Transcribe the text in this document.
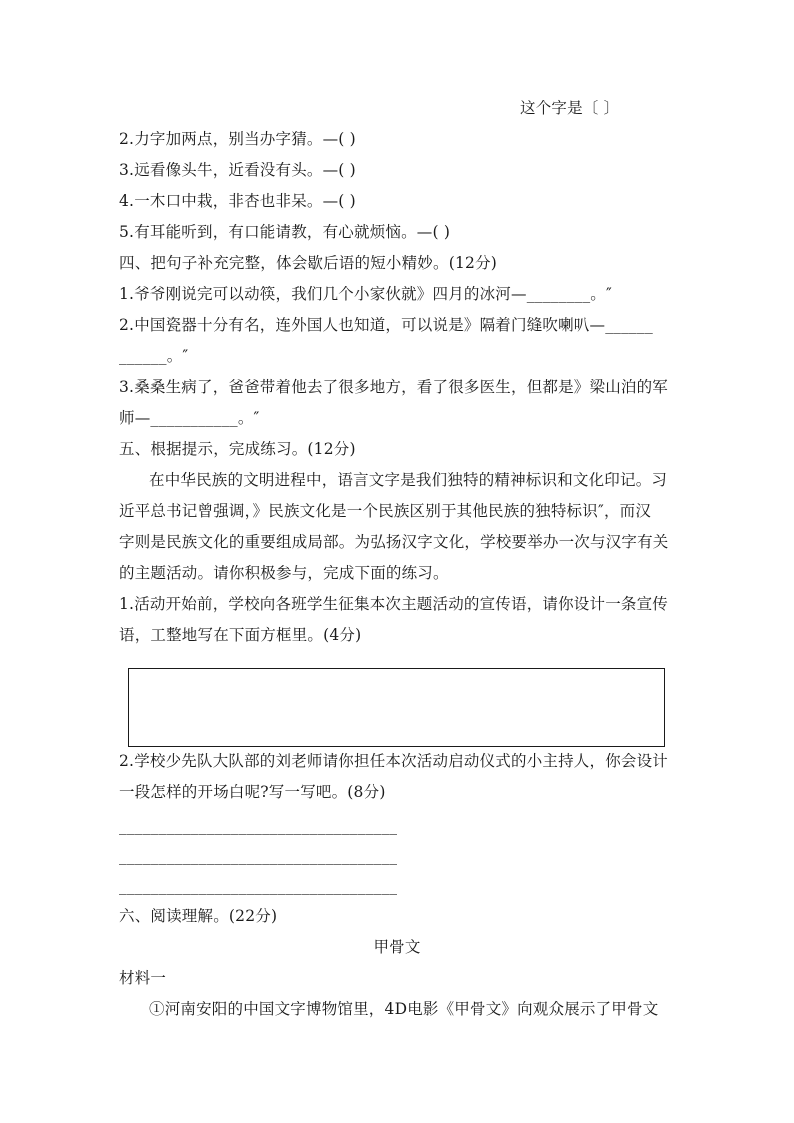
这个字是〔 〕
2.力字加两点，别当办字猜。—( )
3.远看像头牛，近看没有头。—( )
4.一木口中栽，非杏也非呆。—( )
5.有耳能听到，有口能请教，有心就烦恼。—( )
四、把句子补充完整，体会歇后语的短小精妙。(12分)
1.爷爷刚说完可以动筷，我们几个小家伙就》四月的冰河—________。″
2.中国瓷器十分有名，连外国人也知道，可以说是》隔着门缝吹喇叭—______
______。″
3.桑桑生病了，爸爸带着他去了很多地方，看了很多医生，但都是》梁山泊的军
师—___________。″
五、根据提示，完成练习。(12分)
在中华民族的文明进程中，语言文字是我们独特的精神标识和文化印记。习
近平总书记曾强调，》民族文化是一个民族区别于其他民族的独特标识″，而汉
字则是民族文化的重要组成局部。为弘扬汉字文化，学校要举办一次与汉字有关
的主题活动。请你积极参与，完成下面的练习。
1.活动开始前，学校向各班学生征集本次主题活动的宣传语，请你设计一条宣传
语，工整地写在下面方框里。(4分)
2.学校少先队大队部的刘老师请你担任本次活动启动仪式的小主持人，你会设计
一段怎样的开场白呢?写一写吧。(8分)
___________________________________
___________________________________
___________________________________
六、阅读理解。(22分)
甲骨文
材料一
①河南安阳的中国文字博物馆里，4D电影《甲骨文》向观众展示了甲骨文
